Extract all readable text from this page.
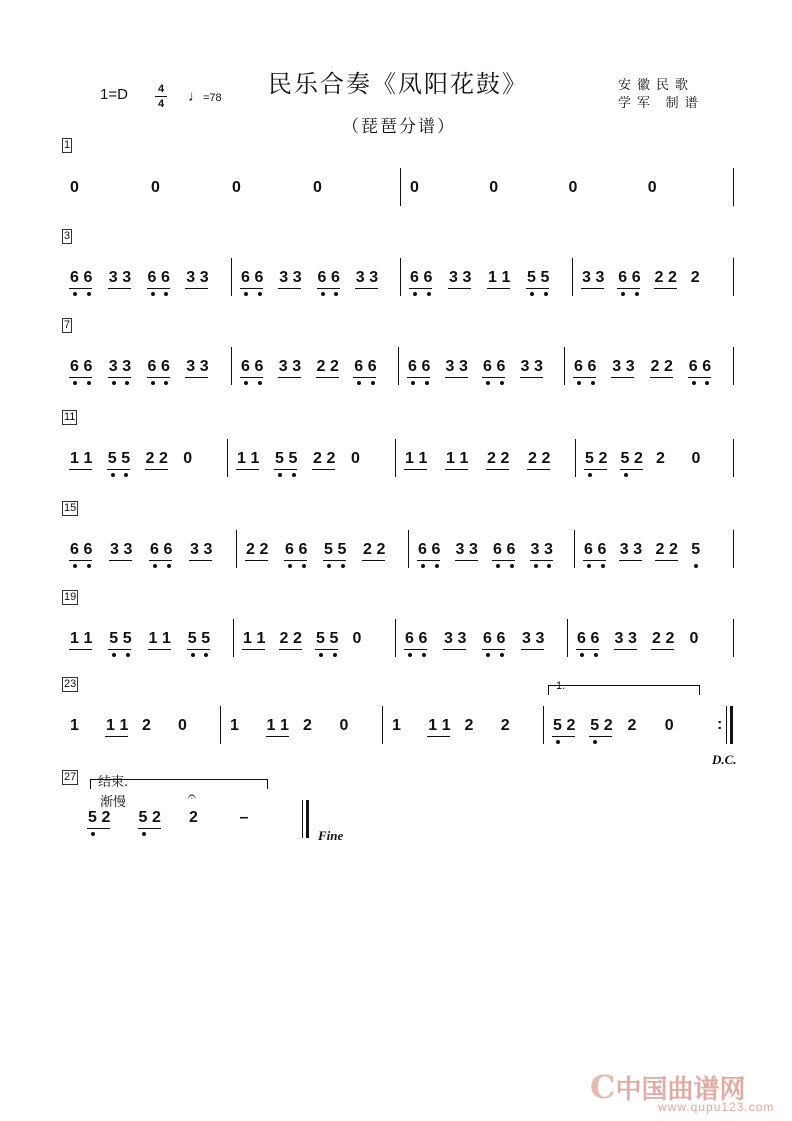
民乐合奏《凤阳花鼓》
（琵琶分谱）
1=D	4
4 ♩=78
安徽民歌
学军 制谱
1
0	0	0	0	0	0	0	0
3
6 6 3 3 6 6 3 3 6 6 3 3 6 6 3 3 6 6 3 3 1 1 5 5 3 3 6 6 2 2 2
7
6 6 3 3 6 6 3 3 6 6 3 3 2 2 6 6 6 6 3 3 6 6 3 3 6 6 3 3 2 2 6 6
11
1 1 5 5 2 2 0	1 1 5 5 2 2 0	1 1 1 1 2 2 2 2 5 2 5 2 2 0
15
6 6 3 3 6 6 3 3 2 2 6 6 5 5 2 2 6 6 3 3 6 6 3 3 6 6 3 3 2 2 5
19
1 1 5 5 1 1 5 5 1 1 2 2 5 5 0	6 6 3 3 6 6 3 3 6 6 3 3 2 2 0
23
1 1 1 2 0	1 1 1 2 0	1 1 1 2 2	5 2 5 2 2 0
27
5 2 5 2 2
𝄐
–
:
D.C.
1.
结束.
渐慢
Fine
C中国曲谱网
www.qupu123.com
